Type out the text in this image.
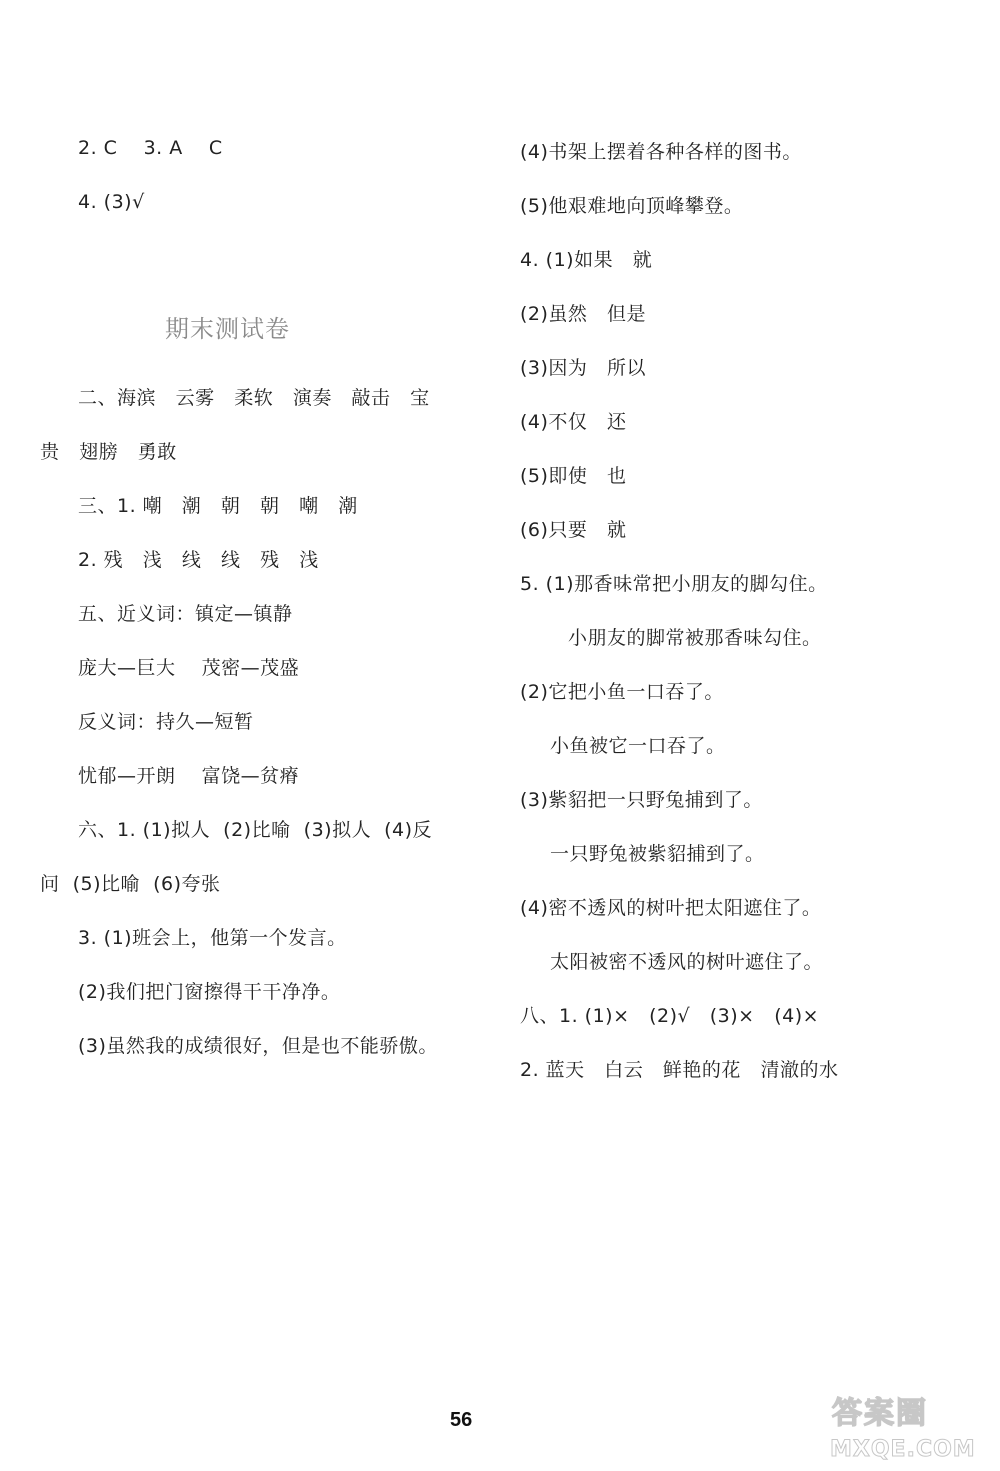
2. C    3. A    C
4. (3)√
期末测试卷
二、海滨   云雾   柔软   演奏   敲击   宝
贵   翅膀   勇敢
三、1. 嘲   潮   朝   朝   嘲   潮
2. 残   浅   线   线   残   浅
五、近义词：镇定—镇静
庞大—巨大    茂密—茂盛
反义词：持久—短暂
忧郁—开朗    富饶—贫瘠
六、1. (1)拟人  (2)比喻  (3)拟人  (4)反
问  (5)比喻  (6)夸张
3. (1)班会上，他第一个发言。
(2)我们把门窗擦得干干净净。
(3)虽然我的成绩很好，但是也不能骄傲。
(4)书架上摆着各种各样的图书。
(5)他艰难地向顶峰攀登。
4. (1)如果   就
(2)虽然   但是
(3)因为   所以
(4)不仅   还
(5)即使   也
(6)只要   就
5. (1)那香味常把小朋友的脚勾住。
小朋友的脚常被那香味勾住。
(2)它把小鱼一口吞了。
小鱼被它一口吞了。
(3)紫貂把一只野兔捕到了。
一只野兔被紫貂捕到了。
(4)密不透风的树叶把太阳遮住了。
太阳被密不透风的树叶遮住了。
八、1. (1)×   (2)√   (3)×   (4)×
2. 蓝天   白云   鲜艳的花   清澈的水
56	答案圈
MXQE.COM
